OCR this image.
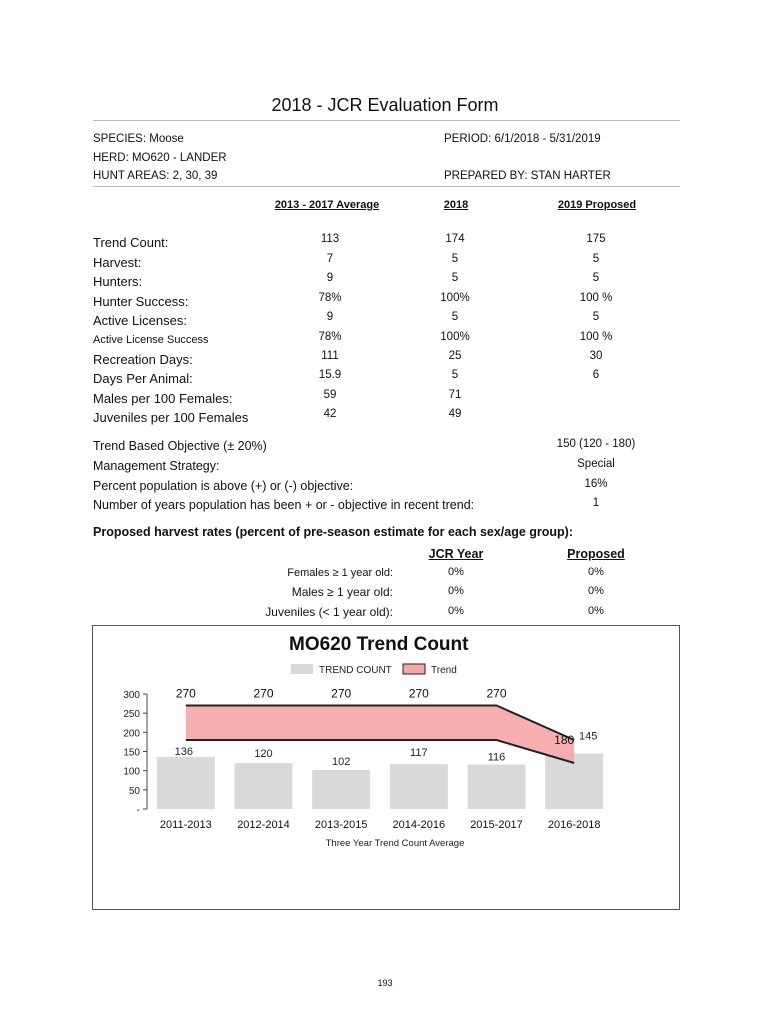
2018 - JCR Evaluation Form
SPECIES: Moose	PERIOD: 6/1/2018 - 5/31/2019
HERD: MO620 - LANDER
HUNT AREAS: 2, 30, 39	PREPARED BY: STAN HARTER
2013 - 2017 Average	2018	2019 Proposed
Trend Count:	113	174	175
Harvest:	7	5	5
Hunters:	9	5	5
Hunter Success:	78%	100%	100 %
Active Licenses:	9	5	5
Active License Success	78%	100%	100 %
Recreation Days:	111	25	30
Days Per Animal:	15.9	5	6
Males per 100 Females:	59	71
Juveniles per 100 Females	42	49
Trend Based Objective (± 20%)	150 (120 - 180)
Management Strategy:	Special
Percent population is above (+) or (-) objective:	16%
Number of years population has been + or - objective in recent trend:	1
Proposed harvest rates (percent of pre-season estimate for each sex/age group):
JCR Year	Proposed
Females ≥ 1 year old:	0%	0%
Males ≥ 1 year old:	0%	0%
Juveniles (< 1 year old):	0%	0%
MO620 Trend Count
TREND COUNT	Trend
-
50
100
150
200
250
300	270	270	270	270	270
180
136	120
102
117	116
145
2011-2013 2012-2014 2013-2015 2014-2016 2015-2017 2016-2018
Three Year Trend Count Average
193
